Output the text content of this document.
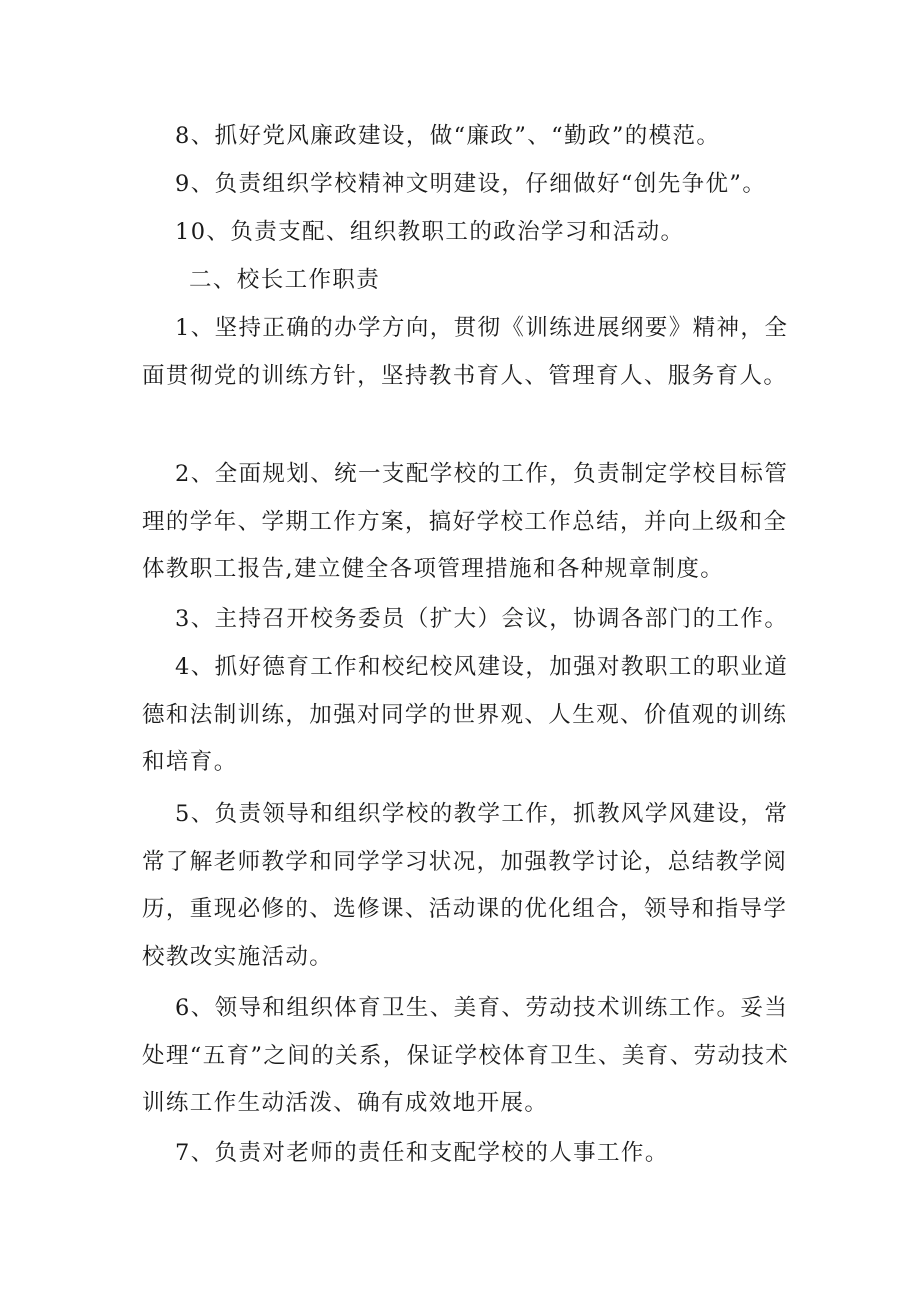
8、抓好党风廉政建设，做“廉政”、“勤政”的模范。

9、负责组织学校精神文明建设，仔细做好“创先争优”。

10、负责支配、组织教职工的政治学习和活动。

二、校长工作职责

1、坚持正确的办学方向，贯彻《训练进展纲要》精神，全面贯彻党的训练方针，坚持教书育人、管理育人、服务育人。

2、全面规划、统一支配学校的工作，负责制定学校目标管理的学年、学期工作方案，搞好学校工作总结，并向上级和全体教职工报告,建立健全各项管理措施和各种规章制度。

3、主持召开校务委员（扩大）会议，协调各部门的工作。

4、抓好德育工作和校纪校风建设，加强对教职工的职业道德和法制训练，加强对同学的世界观、人生观、价值观的训练和培育。

5、负责领导和组织学校的教学工作，抓教风学风建设，常常了解老师教学和同学学习状况，加强教学讨论，总结教学阅历，重现必修的、选修课、活动课的优化组合，领导和指导学校教改实施活动。

6、领导和组织体育卫生、美育、劳动技术训练工作。妥当处理“五育”之间的关系，保证学校体育卫生、美育、劳动技术训练工作生动活泼、确有成效地开展。

7、负责对老师的责任和支配学校的人事工作。
